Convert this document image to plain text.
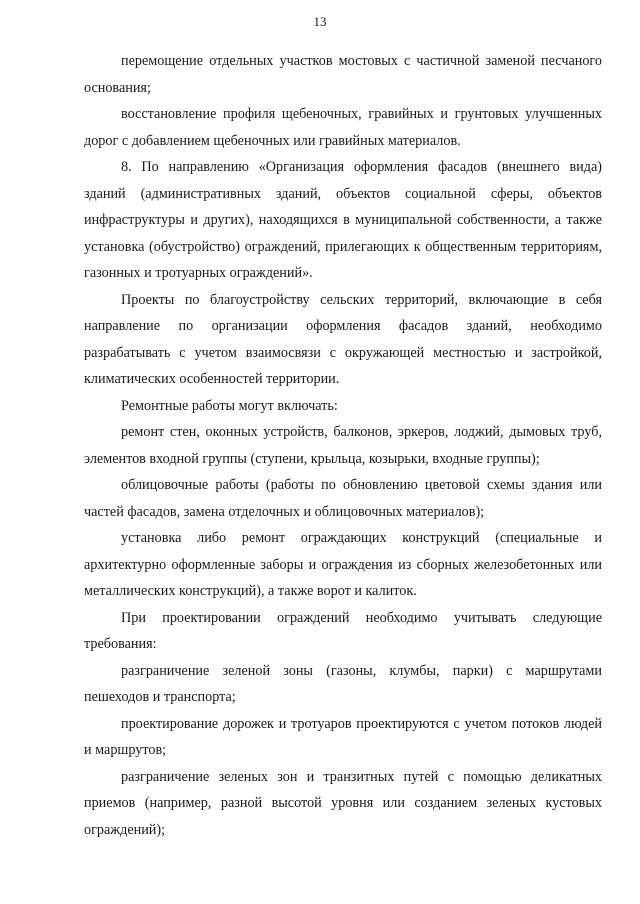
13

перемощение отдельных участков мостовых с частичной заменой песчаного основания;

восстановление профиля щебеночных, гравийных и грунтовых улучшенных дорог с добавлением щебеночных или гравийных материалов.

8. По направлению «Организация оформления фасадов (внешнего вида) зданий (административных зданий, объектов социальной сферы, объектов инфраструктуры и других), находящихся в муниципальной собственности, а также установка (обустройство) ограждений, прилегающих к общественным территориям, газонных и тротуарных ограждений».

Проекты по благоустройству сельских территорий, включающие в себя направление по организации оформления фасадов зданий, необходимо разрабатывать с учетом взаимосвязи с окружающей местностью и застройкой, климатических особенностей территории.

Ремонтные работы могут включать:

ремонт стен, оконных устройств, балконов, эркеров, лоджий, дымовых труб, элементов входной группы (ступени, крыльца, козырьки, входные группы);

облицовочные работы (работы по обновлению цветовой схемы здания или частей фасадов, замена отделочных и облицовочных материалов);

установка либо ремонт ограждающих конструкций (специальные и архитектурно оформленные заборы и ограждения из сборных железобетонных или металлических конструкций), а также ворот и калиток.

При проектировании ограждений необходимо учитывать следующие требования:

разграничение зеленой зоны (газоны, клумбы, парки) с маршрутами пешеходов и транспорта;

проектирование дорожек и тротуаров проектируются с учетом потоков людей и маршрутов;

разграничение зеленых зон и транзитных путей с помощью деликатных приемов (например, разной высотой уровня или созданием зеленых кустовых ограждений);
